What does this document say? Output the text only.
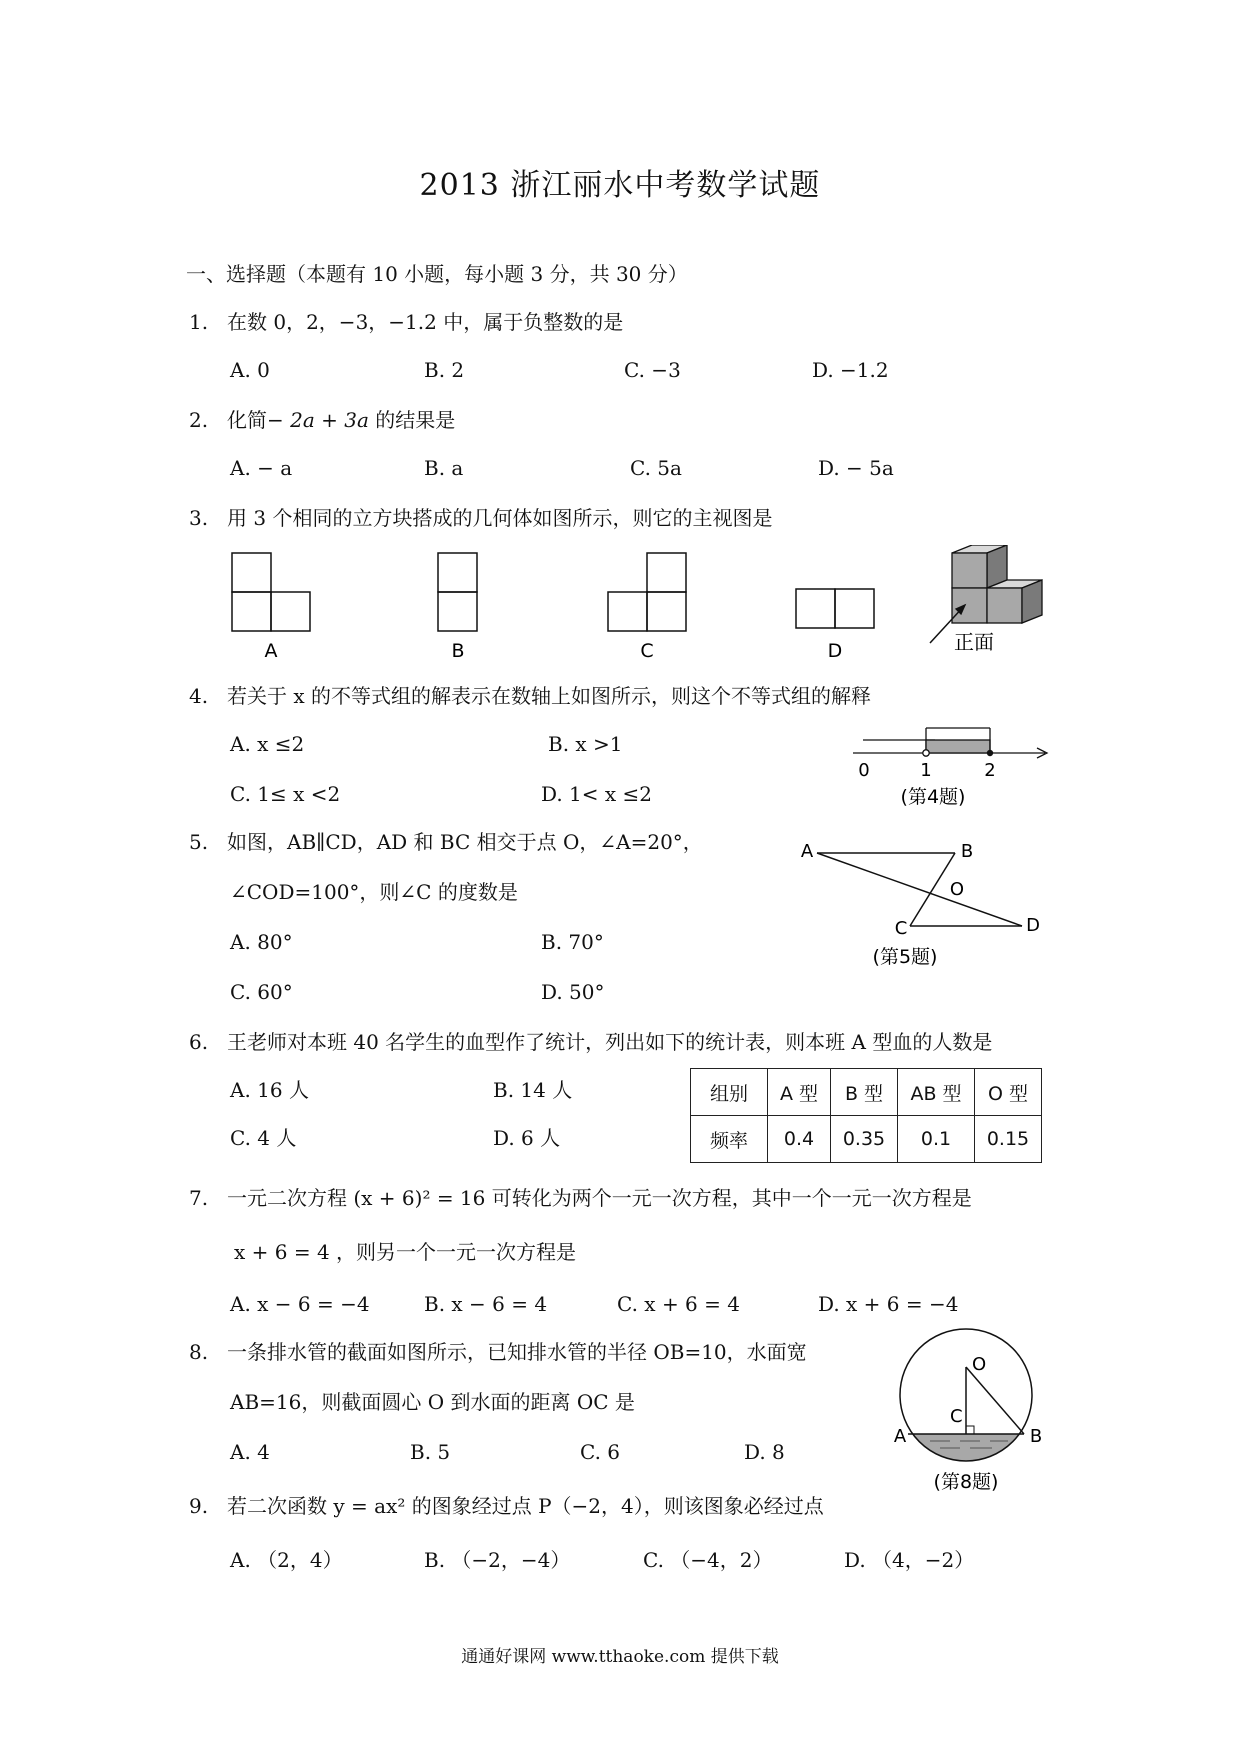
2013 浙江丽水中考数学试题
一、选择题（本题有 10 小题，每小题 3 分，共 30 分）
1. 在数 0，2，−3，−1.2 中，属于负整数的是
A. 0	B. 2	C. −3	D. −1.2
2. 化简− 2a + 3a 的结果是
A. − a	B. a	C. 5a	D. − 5a
3. 用 3 个相同的立方块搭成的几何体如图所示，则它的主视图是
A	B	C	D	正面
4. 若关于 x 的不等式组的解表示在数轴上如图所示，则这个不等式组的解释
A. x ≤2	B. x >1
C. 1≤ x <2	D. 1< x ≤2
0	1	2
(第4题)
5. 如图，AB∥CD，AD 和 BC 相交于点 O，∠A=20°，
∠COD=100°，则∠C 的度数是
A. 80°	B. 70°
C. 60°	D. 50°
A	B
O
C	D
(第5题)
6. 王老师对本班 40 名学生的血型作了统计，列出如下的统计表，则本班 A 型血的人数是
A. 16 人	B. 14 人
C. 4 人	D. 6 人
组别	A 型	B 型	AB 型	O 型
频率	0.4	0.35	0.1	0.15
7. 一元二次方程 (x + 6)² = 16 可转化为两个一元一次方程，其中一个一元一次方程是
x + 6 = 4 ，则另一个一元一次方程是
A. x − 6 = −4	B. x − 6 = 4	C. x + 6 = 4	D. x + 6 = −4
8. 一条排水管的截面如图所示，已知排水管的半径 OB=10，水面宽
AB=16，则截面圆心 O 到水面的距离 OC 是
A. 4	B. 5	C. 6	D. 8
O
C
A	B
(第8题)
9. 若二次函数 y = ax² 的图象经过点 P（−2，4），则该图象必经过点
A. （2，4）	B. （−2，−4）	C. （−4，2）	D. （4，−2）
通通好课网 www.tthaoke.com 提供下载
